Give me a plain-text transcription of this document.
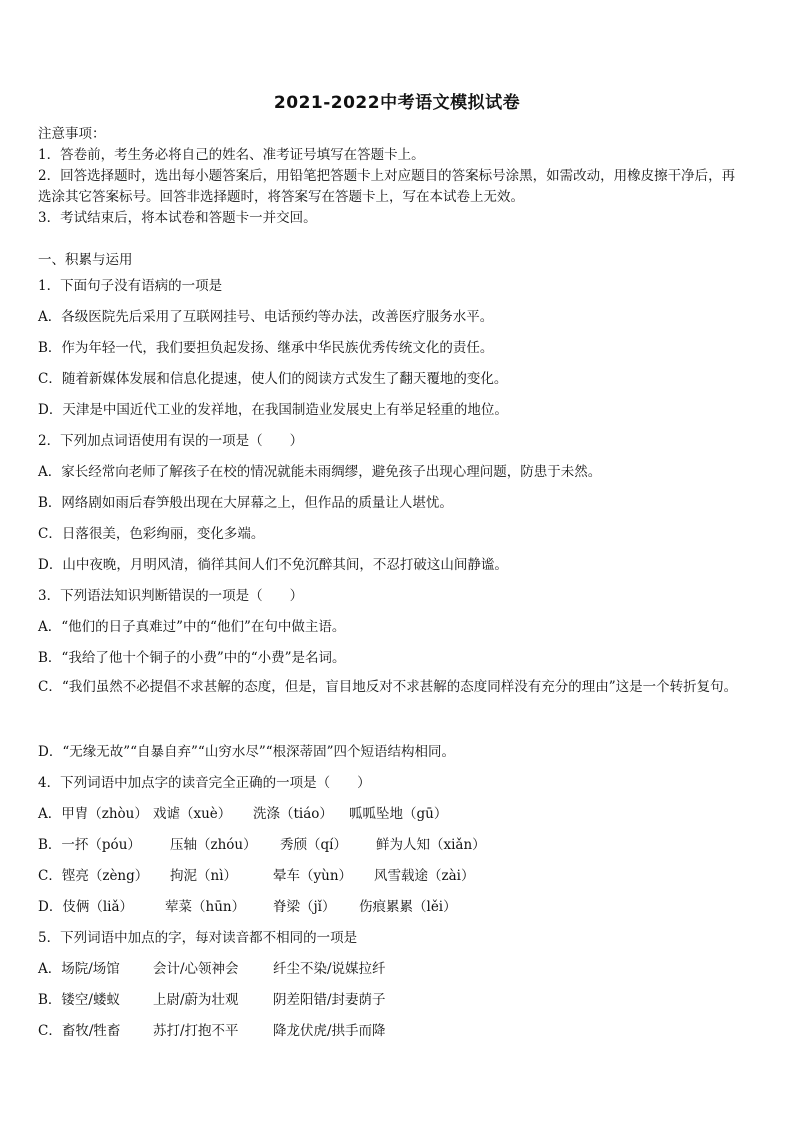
2021-2022中考语文模拟试卷
注意事项：
1．答卷前，考生务必将自己的姓名、准考证号填写在答题卡上。
2．回答选择题时，选出每小题答案后，用铅笔把答题卡上对应题目的答案标号涂黑，如需改动，用橡皮擦干净后，再
选涂其它答案标号。回答非选择题时，将答案写在答题卡上，写在本试卷上无效。
3．考试结束后，将本试卷和答题卡一并交回。
一、积累与运用
1．下面句子没有语病的一项是
A．各级医院先后采用了互联网挂号、电话预约等办法，改善医疗服务水平。
B．作为年轻一代，我们要担负起发扬、继承中华民族优秀传统文化的责任。
C．随着新媒体发展和信息化提速，使人们的阅读方式发生了翻天覆地的变化。
D．天津是中国近代工业的发祥地，在我国制造业发展史上有举足轻重的地位。
2．下列加点词语使用有误的一项是（　　）
A．家长经常向老师了解孩子在校的情况就能未雨绸缪，避免孩子出现心理问题，防患于未然。
B．网络剧如雨后春笋般出现在大屏幕之上，但作品的质量让人堪忧。
C．日落很美，色彩绚丽，变化多端。
D．山中夜晚，月明风清，徜徉其间人们不免沉醉其间，不忍打破这山间静谧。
3．下列语法知识判断错误的一项是（　　）
A．“他们的日子真难过”中的“他们”在句中做主语。
B．“我给了他十个铜子的小费”中的“小费”是名词。
C．“我们虽然不必提倡不求甚解的态度，但是，盲目地反对不求甚解的态度同样没有充分的理由”这是一个转折复句。
D．“无缘无故”“自暴自弃”“山穷水尽”“根深蒂固”四个短语结构相同。
4．下列词语中加点字的读音完全正确的一项是（　　）
A．甲胄（zhòu） 戏谑（xuè）	洗涤（tiáo）	呱呱坠地（gū）
B．一抔（póu）	压轴（zhóu）	秀颀（qí）	鲜为人知（xiǎn）
C．铿亮（zèng）	拘泥（nì）	晕车（yùn）	风雪载途（zài）
D．伎俩（liǎ）	荤菜（hūn）	脊梁（jǐ）	伤痕累累（lěi）
5．下列词语中加点的字，每对读音都不相同的一项是
A．场院/场馆	会计/心领神会	纤尘不染/说媒拉纤
B．镂空/蝼蚁	上尉/蔚为壮观	阴差阳错/封妻荫子
C．畜牧/牲畜	苏打/打抱不平	降龙伏虎/拱手而降
